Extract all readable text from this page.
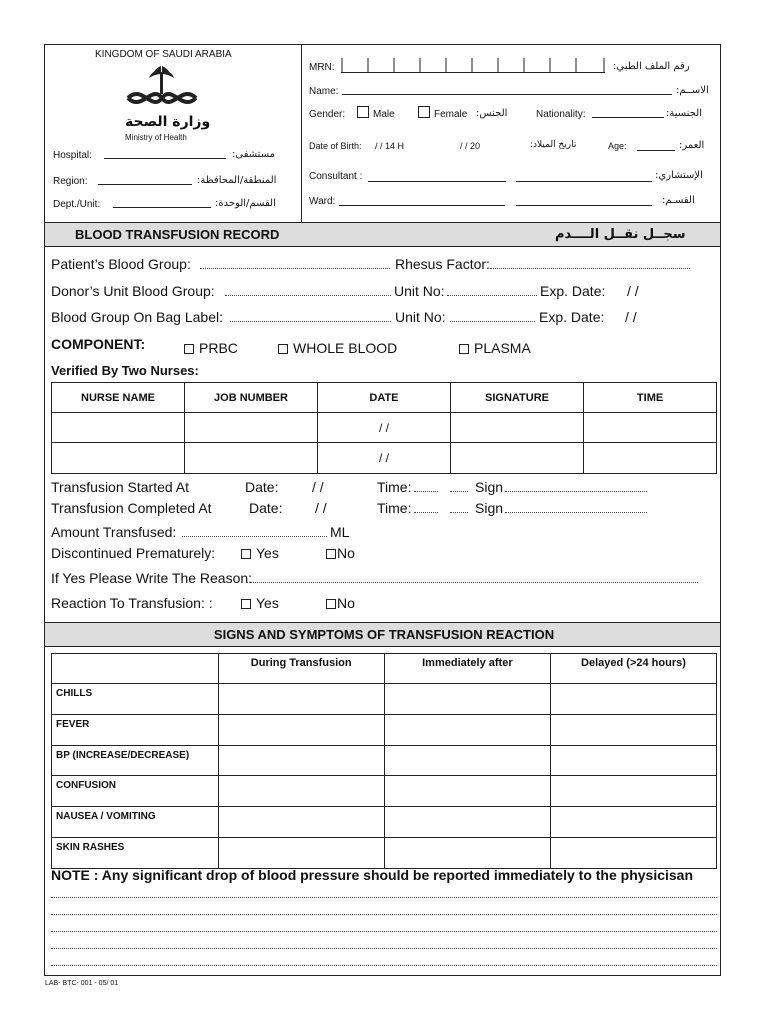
KINGDOM OF SAUDI ARABIA
وزارة الصحة
Ministry of Health
Hospital:	مستشفى:
Region:	المنطقة/المحافظة:
Dept./Unit:	القسم/الوحدة:
MRN:	رقم الملف الطبي:
Name:	الاســم:
Gender:	Male	Female الجنس:	Nationality:	الجنسية:
Date of Birth: / / 14 H	/ / 20	تاريخ الميلاد:	Age:	العمر:
Consultant :	الإستشاري:
Ward:	القسـم:
BLOOD TRANSFUSION RECORD	سجــل نقــل الــــدم
Patient’s Blood Group:	Rhesus Factor:
Donor’s Unit Blood Group:	Unit No:	Exp. Date: / /
Blood Group On Bag Label:	Unit No:	Exp. Date: / /
COMPONENT:	PRBC	WHOLE BLOOD	PLASMA
Verified By Two Nurses:
NURSE NAME	JOB NUMBER	DATE	SIGNATURE	TIME
		/ /		
		/ /		
Transfusion Started At	Date: / /	Time:	Sign
Transfusion Completed At	Date: / /	Time:	Sign
Amount Transfused:	ML
Discontinued Prematurely:	Yes	No
If Yes Please Write The Reason:
Reaction To Transfusion: :	Yes	No
SIGNS AND SYMPTOMS OF TRANSFUSION REACTION
	During Transfusion	Immediately after	Delayed (>24 hours)
CHILLS			
FEVER			
BP (INCREASE/DECREASE)			
CONFUSION			
NAUSEA / VOMITING			
SKIN RASHES			
NOTE : Any significant drop of blood pressure should be reported immediately to the physicisan
LAB- BTC- 001 - 05/ 01
